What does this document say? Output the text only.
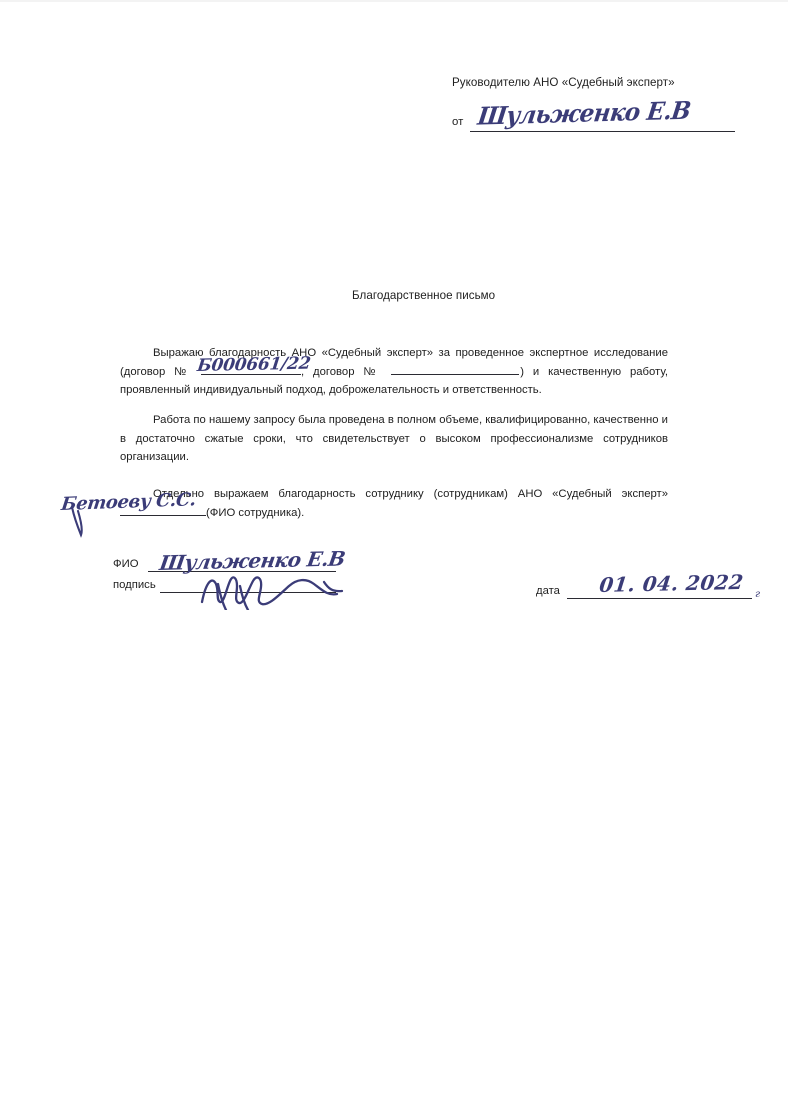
Руководителю АНО «Судебный эксперт»
от Шульженко Е.В
Благодарственное письмо
Выражаю благодарность АНО «Судебный эксперт» за проведенное экспертное исследование (договор №	, договор №	) и качественную работу, проявленный индивидуальный подход, доброжелательность и ответственность.
Б000661/22
Работа по нашему запросу была проведена в полном объеме, квалифицированно, качественно и в достаточно сжатые сроки, что свидетельствует о высоком профессионализме сотрудников организации.
Отдельно выражаем благодарность сотруднику (сотрудникам) АНО «Судебный эксперт» (ФИО сотрудника).
Бетоеву С.С.
ФИО Шульженко Е.В
подпись	дата 01. 04. 2022 г
